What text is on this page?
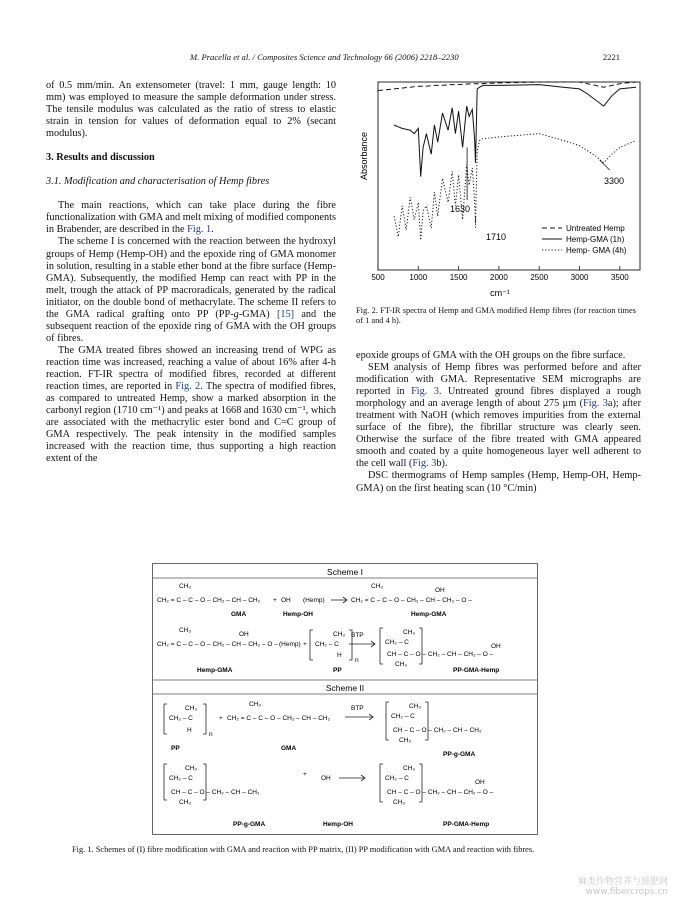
M. Pracella et al. / Composites Science and Technology 66 (2006) 2218–2230	2221

of 0.5 mm/min. An extensometer (travel: 1 mm, gauge length: 10 mm) was employed to measure the sample deformation under stress. The tensile modulus was calculated as the ratio of stress to elastic strain in tension for values of deformation equal to 2% (secant modulus).

3. Results and discussion

3.1. Modification and characterisation of Hemp fibres

The main reactions, which can take place during the fibre functionalization with GMA and melt mixing of modified components in Brabender, are described in the Fig. 1.

The scheme I is concerned with the reaction between the hydroxyl groups of Hemp (Hemp-OH) and the epoxide ring of GMA monomer in solution, resulting in a stable ether bond at the fibre surface (Hemp-GMA). Subsequently, the modified Hemp can react with PP in the melt, trough the attack of PP macroradicals, generated by the radical initiator, on the double bond of methacrylate. The scheme II refers to the GMA radical grafting onto PP (PP-g-GMA) [15] and the subsequent reaction of the epoxide ring of GMA with the OH groups of fibres.

The GMA treated fibres showed an increasing trend of WPG as reaction time was increased, reaching a value of about 16% after 4-h reaction. FT-IR spectra of modified fibres, recorded at different reaction times, are reported in Fig. 2. The spectra of modified fibres, as compared to untreated Hemp, show a marked absorption in the carbonyl region (1710 cm⁻¹) and peaks at 1668 and 1630 cm⁻¹, which are associated with the methacrylic ester bond and C=C group of GMA respectively. The peak intensity in the modified samples increased with the reaction time, thus supporting a high reaction extent of the

500	1000	1500	2000	2500	3000	3500
Untreated Hemp
Hemp-GMA (1h)
Hemp- GMA (4h)
Absorbance
cm⁻¹
3300
1630
1710
Fig. 2. FT-IR spectra of Hemp and GMA modified Hemp fibres (for reaction times of 1 and 4 h).

epoxide groups of GMA with the OH groups on the fibre surface.

SEM analysis of Hemp fibres was performed before and after modification with GMA. Representative SEM micrographs are reported in Fig. 3. Untreated ground fibres displayed a rough morphology and an average length of about 275 μm (Fig. 3a); after treatment with NaOH (which removes impurities from the external surface of the fibre), the fibrillar structure was clearly seen. Otherwise the surface of the fibre treated with GMA appeared smooth and coated by a quite homogeneous layer well adherent to the cell wall (Fig. 3b).

DSC thermograms of Hemp samples (Hemp, Hemp-OH, Hemp-GMA) on the first heating scan (10 °C/min)

Scheme I
CH₂ = C – C – O – CH₂ – CH – CH₂
CH₃
+ OH (Hemp)	CH₂ = C – C – O – CH₂ – CH – CH₂ – O –
CH₃
OH
GMA	Hemp-OH	Hemp-GMA
CH₂ = C – C – O – CH₂ – CH – CH₂ – O –
CH₃
OH
(Hemp) + CH₂ – C
CH₃
H
n
BTP
CH₂ – C
CH₃
CH – C – O – CH₂ – CH – CH₂ – O –
CH₃
OH
Hemp-GMA	PP	PP-GMA-Hemp
Scheme II
CH₂ – C
CH₃
H
n
+ CH₂ = C – C – O – CH₂ – CH – CH₂
CH₃
BTP
CH₂ – C
CH₃
CH – C – O – CH₂ – CH – CH₂
CH₃
PP	GMA
PP-g-GMA
CH₂ – C
CH₃
CH – C – O – CH₂ – CH – CH₂
CH₃
+
OH	CH₂ – C
CH₃
CH – C – O – CH₂ – CH – CH₂ – O –
CH₃
OH
PP-g-GMA	Hemp-OH	PP-GMA-Hemp
Fig. 1. Schemes of (I) fibre modification with GMA and reaction with PP matrix, (II) PP modification with GMA and reaction with fibres.
麻类作物营养与施肥网
www.fibercrops.cn
